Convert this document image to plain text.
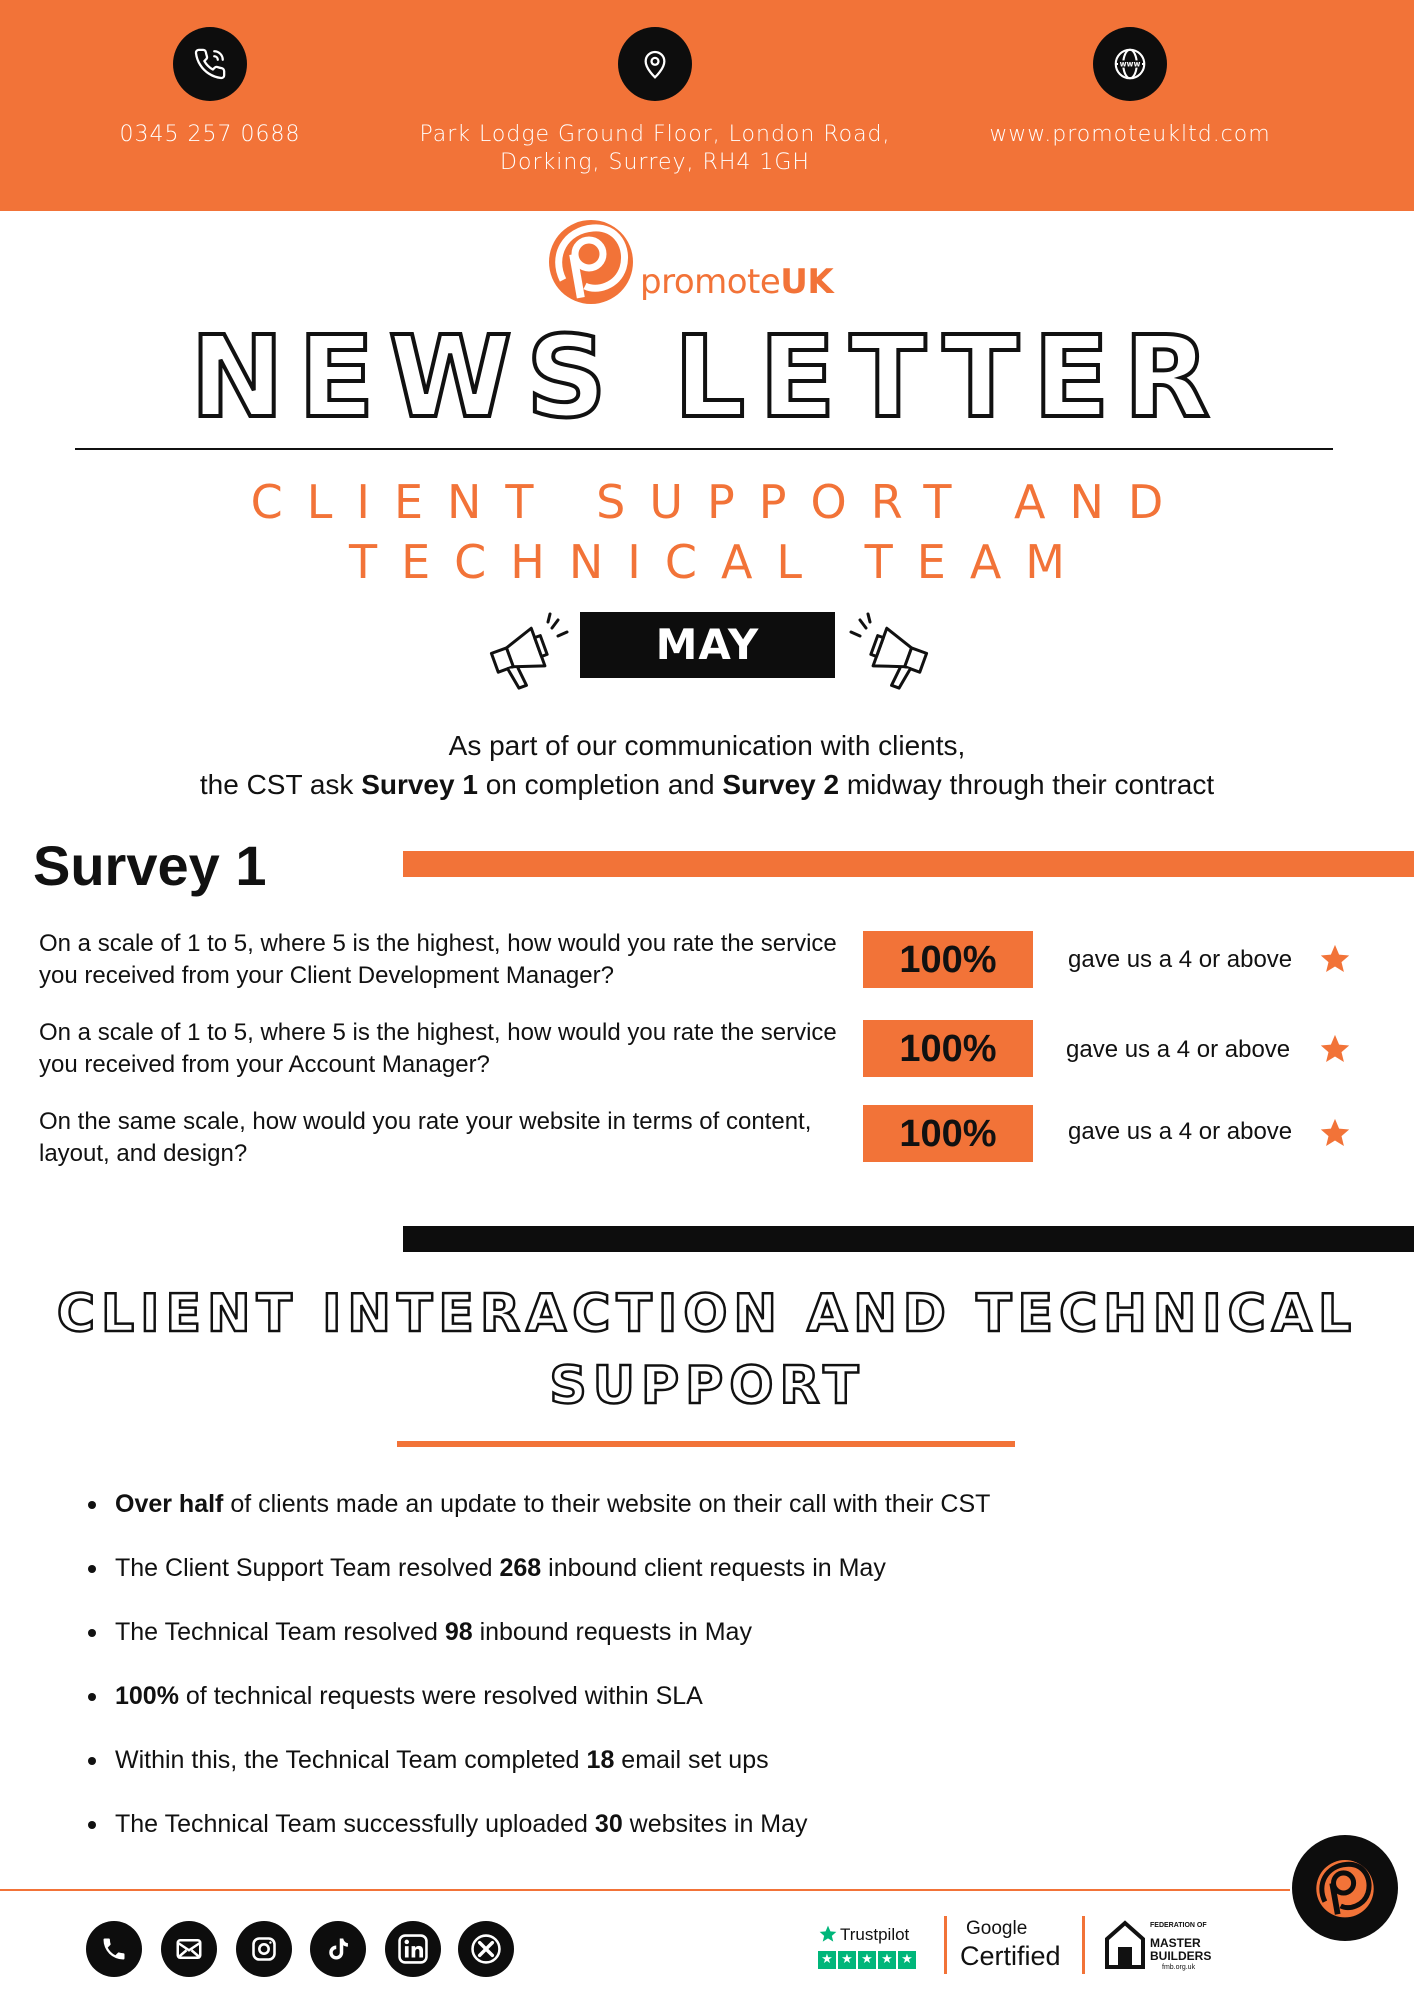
0345 257 0688	Park Lodge Ground Floor, London Road,
Dorking, Surrey, RH4 1GH
www
www.promoteukltd.com
promoteUK
NEWS LETTER
CLIENT SUPPORT AND
TECHNICAL TEAM
MAY
As part of our communication with clients,
the CST ask Survey 1 on completion and Survey 2 midway through their contract
Survey 1
On a scale of 1 to 5, where 5 is the highest, how would you rate the service you received from your Client Development Manager?	100%	gave us a 4 or above
On a scale of 1 to 5, where 5 is the highest, how would you rate the service you received from your Account Manager?	100%	gave us a 4 or above
On the same scale, how would you rate your website in terms of content, layout, and design?	100%	gave us a 4 or above
CLIENT INTERACTION AND TECHNICAL
SUPPORT
Over half of clients made an update to their website on their call with their CST
The Client Support Team resolved 268 inbound client requests in May
The Technical Team resolved 98 inbound requests in May
100% of technical requests were resolved within SLA
Within this, the Technical Team completed 18 email set ups
The Technical Team successfully uploaded 30 websites in May
Trustpilot
★ ★ ★ ★ ★
Google
Certified
FEDERATION OF
MASTER
BUILDERS
fmb.org.uk
